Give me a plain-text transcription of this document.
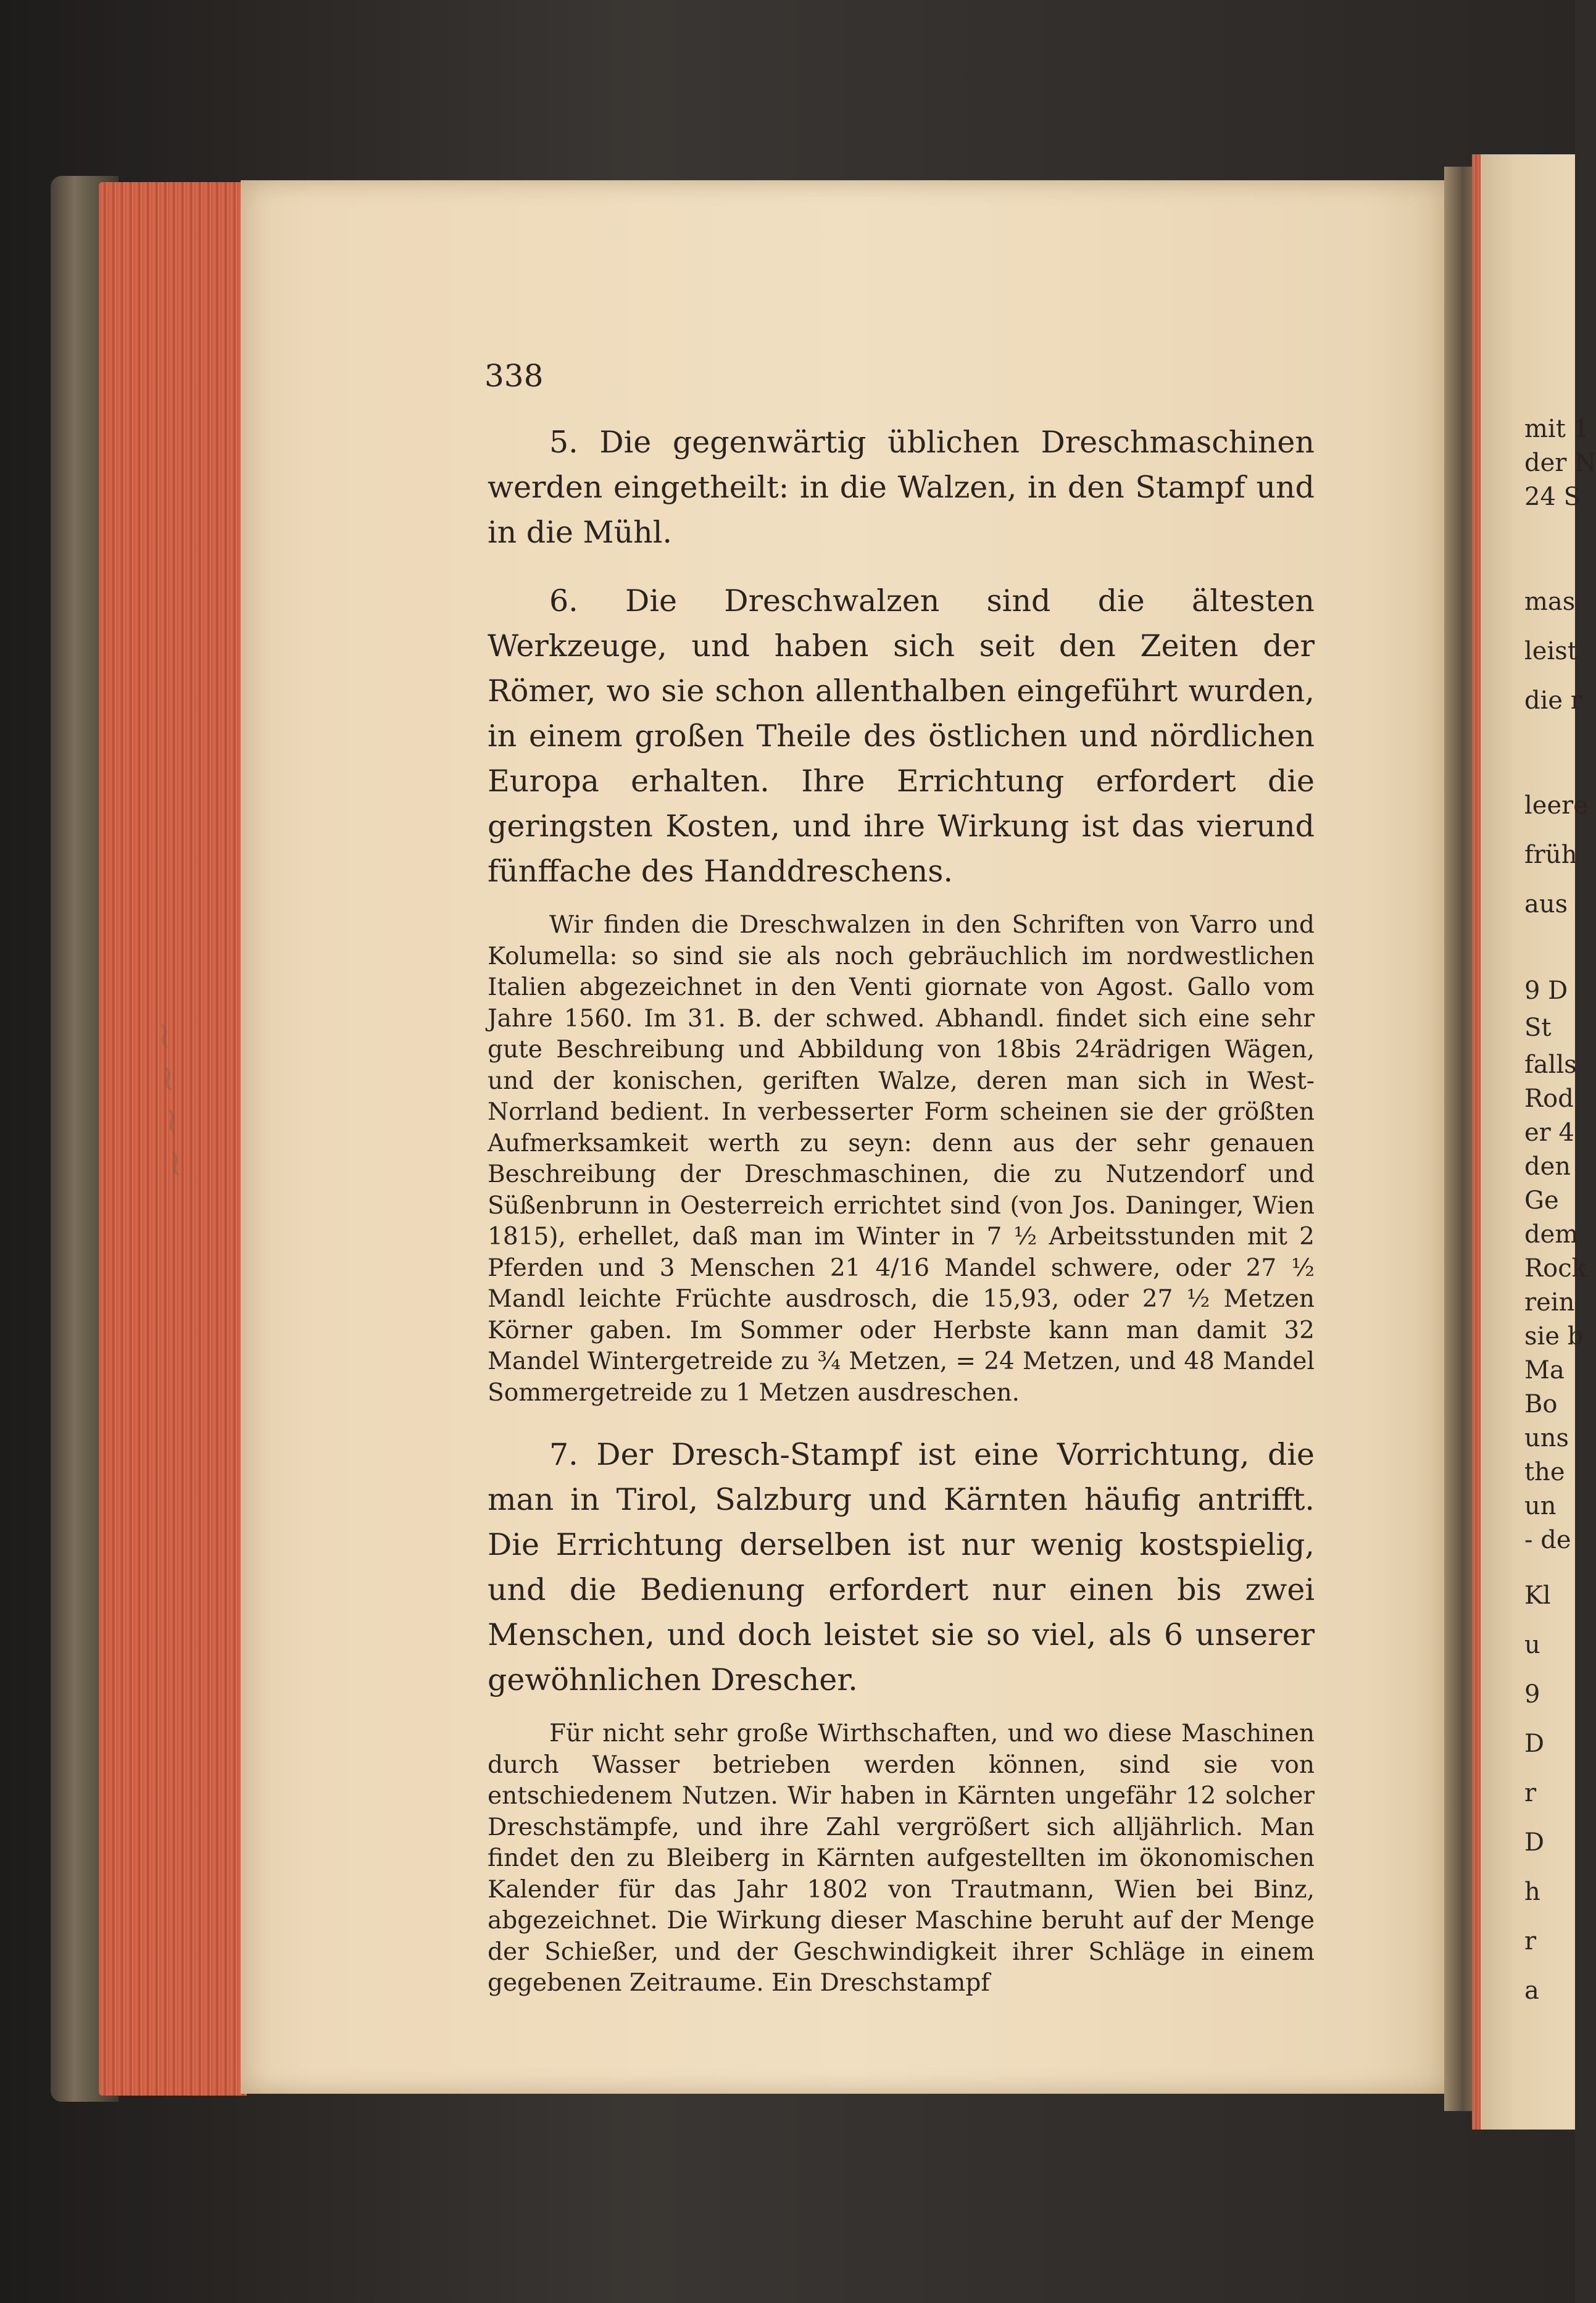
~ ~ ~ ~

338

5. Die gegenwärtig üblichen Dreschmaschinen werden eingetheilt: in die Walzen, in den Stampf und in die Mühl.

6. Die Dreschwalzen sind die ältesten Werkzeuge, und haben sich seit den Zeiten der Römer, wo sie schon allenthalben eingeführt wurden, in einem großen Theile des östlichen und nördlichen Europa erhalten. Ihre Errichtung erfordert die geringsten Kosten, und ihre Wirkung ist das vierund fünffache des Handdreschens.

Wir finden die Dreschwalzen in den Schriften von Varro und Kolumella: so sind sie als noch gebräuchlich im nordwestlichen Italien abgezeichnet in den Venti giornate von Agost. Gallo vom Jahre 1560. Im 31. B. der schwed. Abhandl. findet sich eine sehr gute Beschreibung und Abbildung von 18bis 24rädrigen Wägen, und der konischen, geriften Walze, deren man sich in West-Norrland bedient. In verbesserter Form scheinen sie der größten Aufmerksamkeit werth zu seyn: denn aus der sehr genauen Beschreibung der Dreschmaschinen, die zu Nutzendorf und Süßenbrunn in Oesterreich errichtet sind (von Jos. Daninger, Wien 1815), erhellet, daß man im Winter in 7 ½ Arbeitsstunden mit 2 Pferden und 3 Menschen 21 4/16 Mandel schwere, oder 27 ½ Mandl leichte Früchte ausdrosch, die 15,93, oder 27 ½ Metzen Körner gaben. Im Sommer oder Herbste kann man damit 32 Mandel Wintergetreide zu ¾ Metzen, = 24 Metzen, und 48 Mandel Sommergetreide zu 1 Metzen ausdreschen.

7. Der Dresch-Stampf ist eine Vorrichtung, die man in Tirol, Salzburg und Kärnten häufig antrifft. Die Errichtung derselben ist nur wenig kostspielig, und die Bedienung erfordert nur einen bis zwei Menschen, und doch leistet sie so viel, als 6 unserer gewöhnlichen Drescher.

Für nicht sehr große Wirthschaften, und wo diese Maschinen durch Wasser betrieben werden können, sind sie von entschiedenem Nutzen. Wir haben in Kärnten ungefähr 12 solcher Dreschstämpfe, und ihre Zahl vergrößert sich alljährlich. Man findet den zu Bleiberg in Kärnten aufgestellten im ökonomischen Kalender für das Jahr 1802 von Trautmann, Wien bei Binz, abgezeichnet. Die Wirkung dieser Maschine beruht auf der Menge der Schießer, und der Geschwindigkeit ihrer Schläge in einem gegebenen Zeitraume. Ein Dreschstampf

mit 1
der N
24 S
mas
leist
die r
leere
früh
aus
9 D
St
falls
Rod
er 4
den
Ge
dem
Rock
rein
sie b
Ma
Bo
uns
the
un
- de
Kl
u
9
D
r
D
h
r
a
